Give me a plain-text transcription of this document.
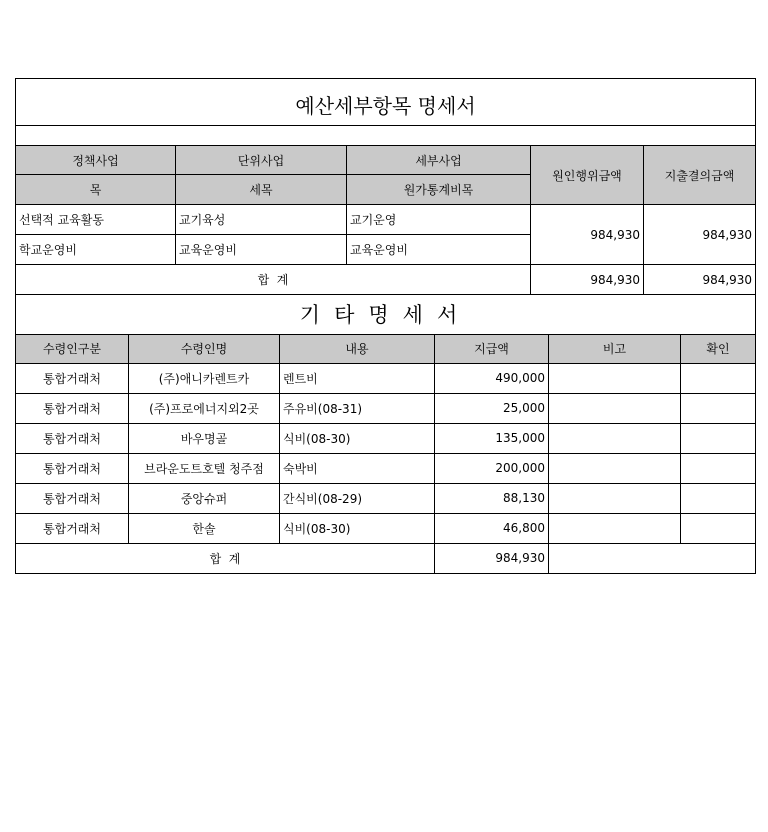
예산세부항목 명세서				

정책사업	단위사업	세부사업	원인행위금액	지출결의금액
목	세목	원가통계비목		
선택적 교육활동	교기육성	교기운영	984,930	984,930
학교운영비	교육운영비	교육운영비		
합  계			984,930	984,930
기타명세서					
수령인구분	수령인명	내용	지급액	비고	확인
통합거래처	(주)애니카렌트카	렌트비	490,000		
통합거래처	(주)프로에너지외2곳	주유비(08-31)	25,000		
통합거래처	바우명골	식비(08-30)	135,000		
통합거래처	브라운도트호텔 청주점	숙박비	200,000		
통합거래처	중앙슈퍼	간식비(08-29)	88,130		
통합거래처	한솔	식비(08-30)	46,800		
합  계			984,930		
